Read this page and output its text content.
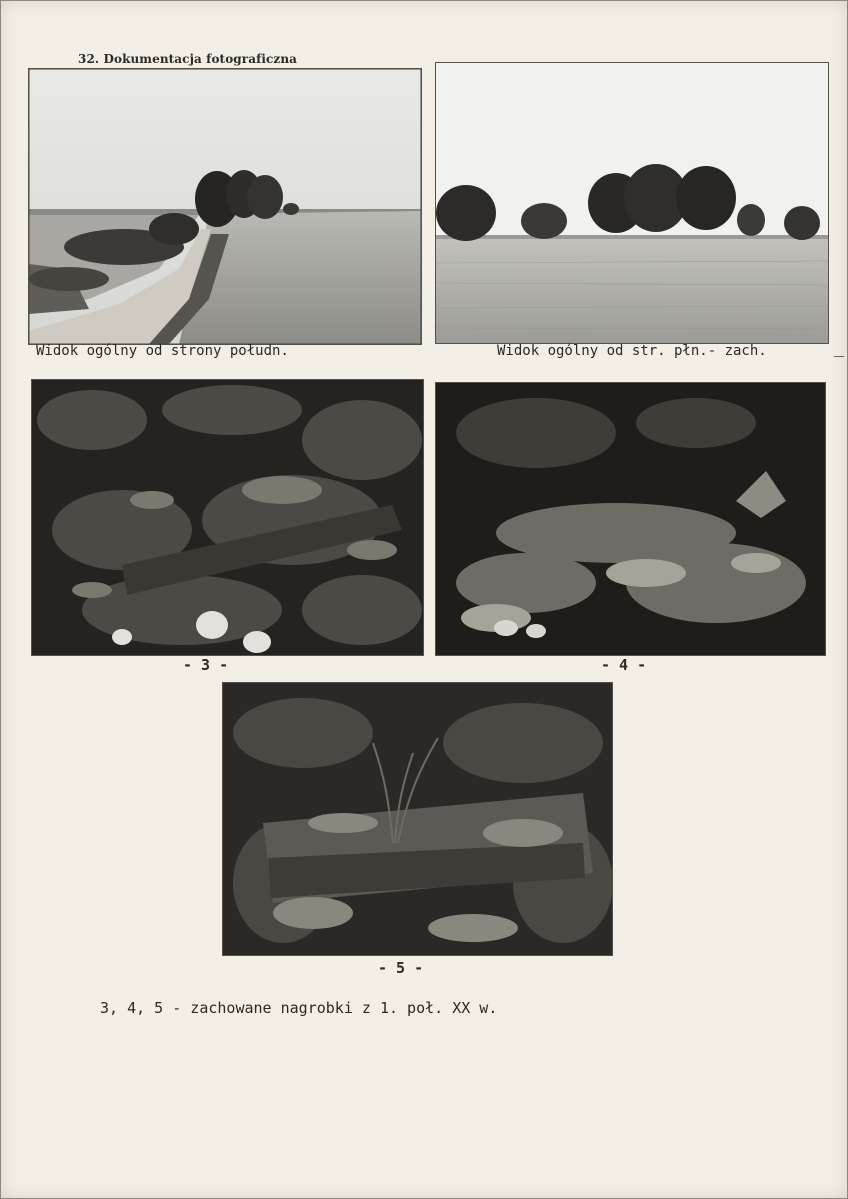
32. Dokumentacja fotograficzna
Widok ogólny od strony połudn.	Widok ogólny od str. płn.- zach.
- 3 -	- 4 -
- 5 -
3, 4, 5 - zachowane nagrobki z 1. poł. XX w.
